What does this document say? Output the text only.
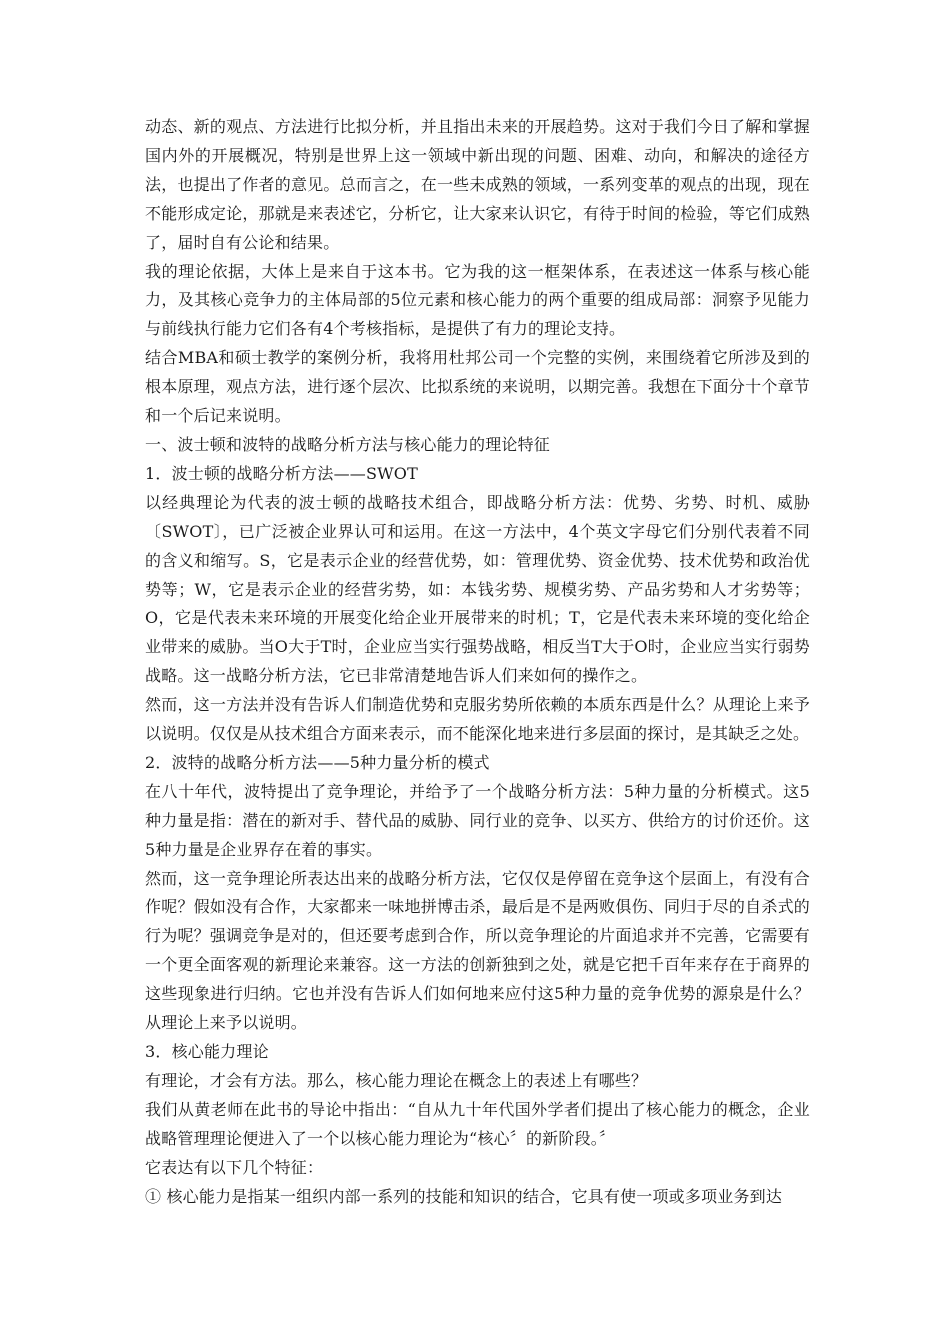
动态、新的观点、方法进行比拟分析，并且指出未来的开展趋势。这对于我们今日了解和掌握国内外的开展概况，特别是世界上这一领域中新出现的问题、困难、动向，和解决的途径方法，也提出了作者的意见。总而言之，在一些未成熟的领域，一系列变革的观点的出现，现在不能形成定论，那就是来表述它，分析它，让大家来认识它，有待于时间的检验，等它们成熟了，届时自有公论和结果。

我的理论依据，大体上是来自于这本书。它为我的这一框架体系，在表述这一体系与核心能力，及其核心竞争力的主体局部的5位元素和核心能力的两个重要的组成局部：洞察予见能力与前线执行能力它们各有4个考核指标，是提供了有力的理论支持。

结合MBA和硕士教学的案例分析，我将用杜邦公司一个完整的实例，来围绕着它所涉及到的根本原理，观点方法，进行逐个层次、比拟系统的来说明，以期完善。我想在下面分十个章节和一个后记来说明。

一、波士顿和波特的战略分析方法与核心能力的理论特征

1．波士顿的战略分析方法——SWOT

以经典理论为代表的波士顿的战略技术组合，即战略分析方法：优势、劣势、时机、威胁〔SWOT〕，已广泛被企业界认可和运用。在这一方法中，4个英文字母它们分别代表着不同的含义和缩写。S，它是表示企业的经营优势，如：管理优势、资金优势、技术优势和政治优势等；W，它是表示企业的经营劣势，如：本钱劣势、规模劣势、产品劣势和人才劣势等；O，它是代表未来环境的开展变化给企业开展带来的时机；T，它是代表未来环境的变化给企业带来的威胁。当O大于T时，企业应当实行强势战略，相反当T大于O时，企业应当实行弱势战略。这一战略分析方法，它已非常清楚地告诉人们来如何的操作之。

然而，这一方法并没有告诉人们制造优势和克服劣势所依赖的本质东西是什么？从理论上来予以说明。仅仅是从技术组合方面来表示，而不能深化地来进行多层面的探讨，是其缺乏之处。

2．波特的战略分析方法——5种力量分析的模式

在八十年代，波特提出了竞争理论，并给予了一个战略分析方法：5种力量的分析模式。这5种力量是指：潜在的新对手、替代品的威胁、同行业的竞争、以买方、供给方的讨价还价。这5种力量是企业界存在着的事实。

然而，这一竞争理论所表达出来的战略分析方法，它仅仅是停留在竞争这个层面上，有没有合作呢？假如没有合作，大家都来一味地拼博击杀，最后是不是两败俱伤、同归于尽的自杀式的行为呢？强调竞争是对的，但还要考虑到合作，所以竞争理论的片面追求并不完善，它需要有一个更全面客观的新理论来兼容。这一方法的创新独到之处，就是它把千百年来存在于商界的这些现象进行归纳。它也并没有告诉人们如何地来应付这5种力量的竞争优势的源泉是什么？从理论上来予以说明。

3．核心能力理论

有理论，才会有方法。那么，核心能力理论在概念上的表述上有哪些？

我们从黄老师在此书的导论中指出：“自从九十年代国外学者们提出了核心能力的概念，企业战略管理理论便进入了一个以核心能力理论为“核心〞的新阶段。〞

它表达有以下几个特征：

① 核心能力是指某一组织内部一系列的技能和知识的结合，它具有使一项或多项业务到达
